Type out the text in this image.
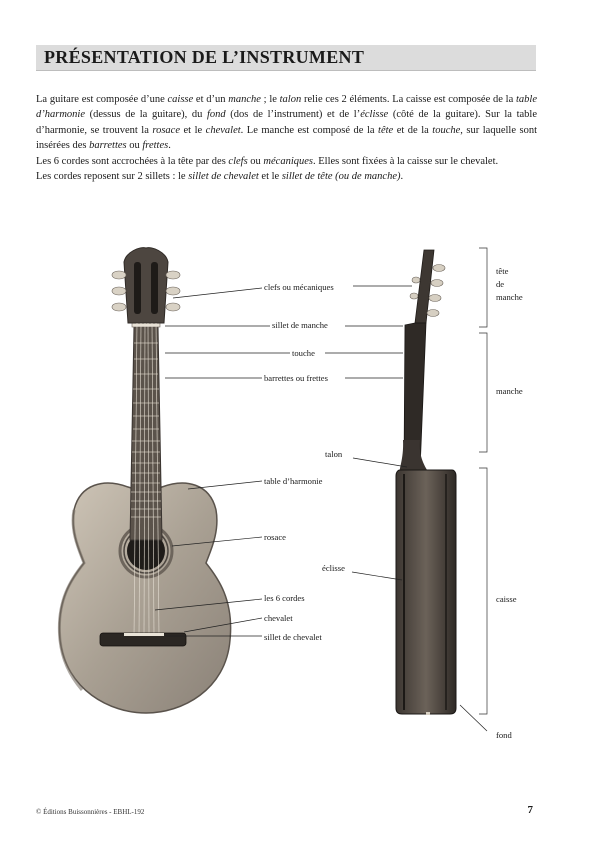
PRÉSENTATION DE L’INSTRUMENT

La guitare est composée d’une caisse et d’un manche ; le talon relie ces 2 éléments. La caisse est composée de la table d’harmonie (dessus de la guitare), du fond (dos de l’instrument) et de l’éclisse (côté de la guitare). Sur la table d’harmonie, se trouvent la rosace et le chevalet. Le manche est composé de la tête et de la touche, sur laquelle sont insérées des barrettes ou frettes.

Les 6 cordes sont accrochées à la tête par des clefs ou mécaniques. Elles sont fixées à la caisse sur le chevalet.

Les cordes reposent sur 2 sillets : le sillet de chevalet et le sillet de tête (ou de manche).

clefs ou mécaniques
sillet de manche
touche
barrettes ou frettes
talon
table d’harmonie
rosace
éclisse
les 6 cordes
chevalet
sillet de chevalet
tête
de
manche
manche
caisse
fond
© Éditions Buissonnières - EBHL-192	7
